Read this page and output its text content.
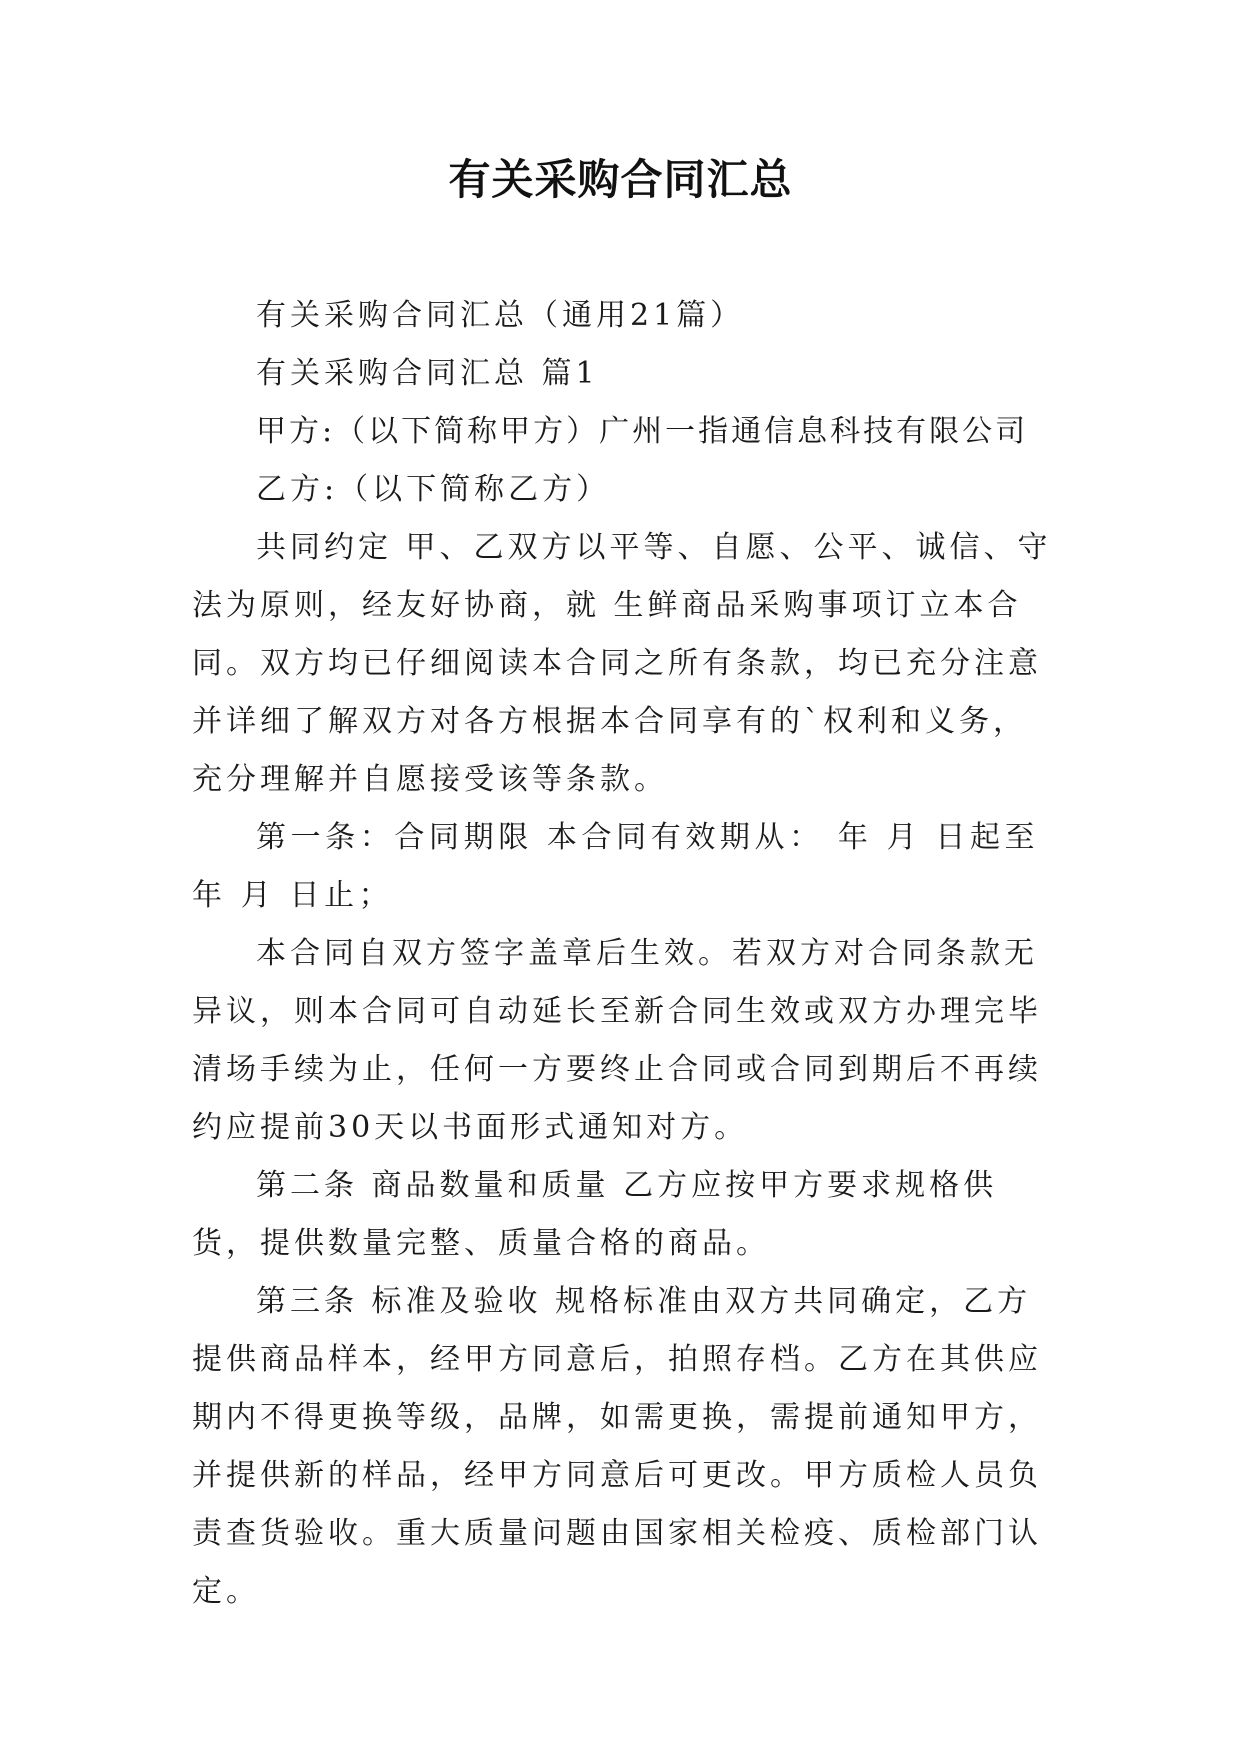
有关采购合同汇总

有关采购合同汇总（通用21篇）

有关采购合同汇总 篇1

甲方:（以下简称甲方）广州一指通信息科技有限公司

乙方:（以下简称乙方）

共同约定 甲、乙双方以平等、自愿、公平、诚信、守法为原则，经友好协商，就 生鲜商品采购事项订立本合同。双方均已仔细阅读本合同之所有条款，均已充分注意并详细了解双方对各方根据本合同享有的`权利和义务，充分理解并自愿接受该等条款。

第一条：合同期限 本合同有效期从： 年 月 日起至 年 月 日止；

本合同自双方签字盖章后生效。若双方对合同条款无异议，则本合同可自动延长至新合同生效或双方办理完毕清场手续为止，任何一方要终止合同或合同到期后不再续约应提前30天以书面形式通知对方。

第二条 商品数量和质量 乙方应按甲方要求规格供货，提供数量完整、质量合格的商品。

第三条 标准及验收 规格标准由双方共同确定，乙方提供商品样本，经甲方同意后，拍照存档。乙方在其供应期内不得更换等级，品牌，如需更换，需提前通知甲方，并提供新的样品，经甲方同意后可更改。甲方质检人员负责查货验收。重大质量问题由国家相关检疫、质检部门认定。
